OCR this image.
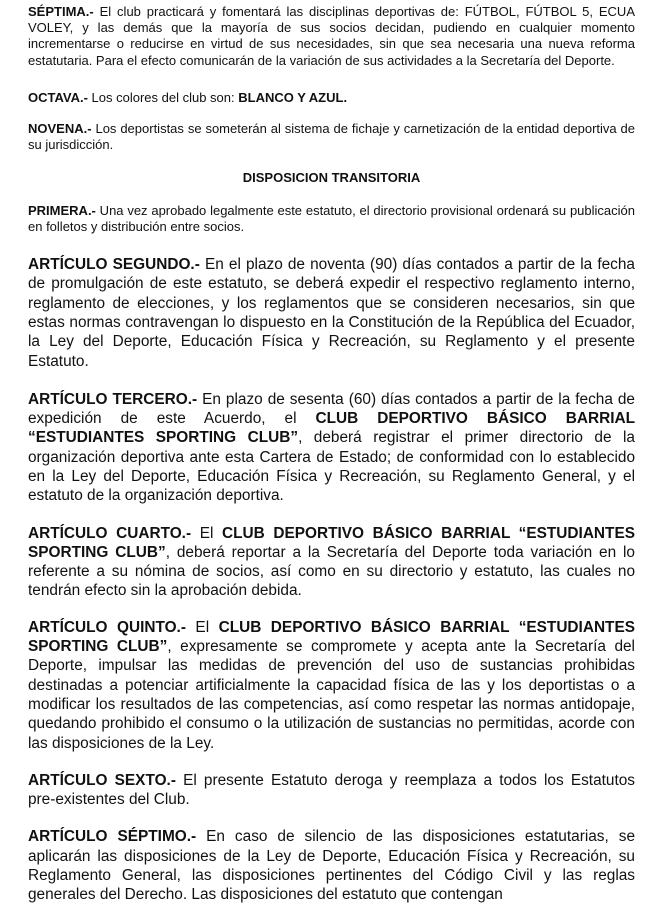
SÉPTIMA.- El club practicará y fomentará las disciplinas deportivas de: FÚTBOL, FÚTBOL 5, ECUA VOLEY, y las demás que la mayoría de sus socios decidan, pudiendo en cualquier momento incrementarse o reducirse en virtud de sus necesidades, sin que sea necesaria una nueva reforma estatutaria. Para el efecto comunicarán de la variación de sus actividades a la Secretaría del Deporte.

OCTAVA.- Los colores del club son: BLANCO Y AZUL.

NOVENA.- Los deportistas se someterán al sistema de fichaje y carnetización de la entidad deportiva de su jurisdicción.

DISPOSICION TRANSITORIA

PRIMERA.- Una vez aprobado legalmente este estatuto, el directorio provisional ordenará su publicación en folletos y distribución entre socios.

ARTÍCULO SEGUNDO.- En el plazo de noventa (90) días contados a partir de la fecha de promulgación de este estatuto, se deberá expedir el respectivo reglamento interno, reglamento de elecciones, y los reglamentos que se consideren necesarios, sin que estas normas contravengan lo dispuesto en la Constitución de la República del Ecuador, la Ley del Deporte, Educación Física y Recreación, su Reglamento y el presente Estatuto.

ARTÍCULO TERCERO.- En plazo de sesenta (60) días contados a partir de la fecha de expedición de este Acuerdo, el CLUB DEPORTIVO BÁSICO BARRIAL “ESTUDIANTES SPORTING CLUB”, deberá registrar el primer directorio de la organización deportiva ante esta Cartera de Estado; de conformidad con lo establecido en la Ley del Deporte, Educación Física y Recreación, su Reglamento General, y el estatuto de la organización deportiva.

ARTÍCULO CUARTO.- El CLUB DEPORTIVO BÁSICO BARRIAL “ESTUDIANTES SPORTING CLUB”, deberá reportar a la Secretaría del Deporte toda variación en lo referente a su nómina de socios, así como en su directorio y estatuto, las cuales no tendrán efecto sin la aprobación debida.

ARTÍCULO QUINTO.- El CLUB DEPORTIVO BÁSICO BARRIAL “ESTUDIANTES SPORTING CLUB”, expresamente se compromete y acepta ante la Secretaría del Deporte, impulsar las medidas de prevención del uso de sustancias prohibidas destinadas a potenciar artificialmente la capacidad física de las y los deportistas o a modificar los resultados de las competencias, así como respetar las normas antidopaje, quedando prohibido el consumo o la utilización de sustancias no permitidas, acorde con las disposiciones de la Ley.

ARTÍCULO SEXTO.- El presente Estatuto deroga y reemplaza a todos los Estatutos pre-existentes del Club.

ARTÍCULO SÉPTIMO.- En caso de silencio de las disposiciones estatutarias, se aplicarán las disposiciones de la Ley de Deporte, Educación Física y Recreación, su Reglamento General, las disposiciones pertinentes del Código Civil y las reglas generales del Derecho. Las disposiciones del estatuto que contengan
